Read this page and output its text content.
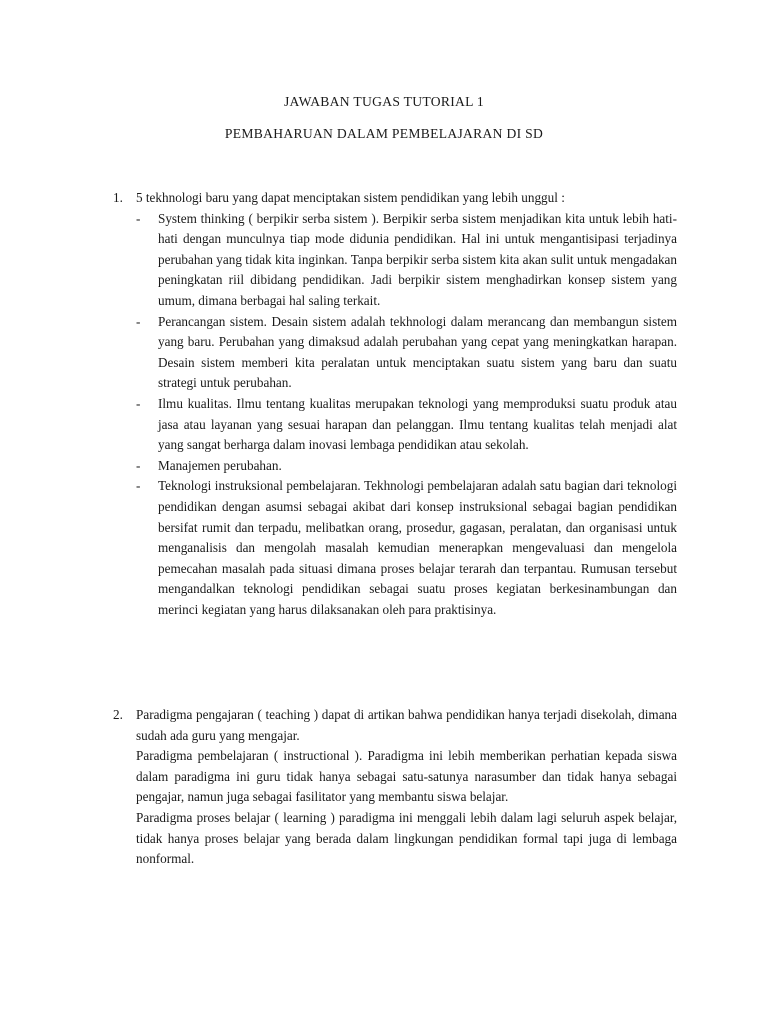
JAWABAN TUGAS TUTORIAL 1
PEMBAHARUAN DALAM PEMBELAJARAN DI SD
1. 5 tekhnologi baru yang dapat menciptakan sistem pendidikan yang lebih unggul :
- System thinking ( berpikir serba sistem ). Berpikir serba sistem menjadikan kita untuk lebih hati-hati dengan munculnya tiap mode didunia pendidikan. Hal ini untuk mengantisipasi terjadinya perubahan yang tidak kita inginkan. Tanpa berpikir serba sistem kita akan sulit untuk mengadakan peningkatan riil dibidang pendidikan. Jadi berpikir sistem menghadirkan konsep sistem yang umum, dimana berbagai hal saling terkait.
- Perancangan sistem. Desain sistem adalah tekhnologi dalam merancang dan membangun sistem yang baru. Perubahan yang dimaksud adalah perubahan yang cepat yang meningkatkan harapan. Desain sistem memberi kita peralatan untuk menciptakan suatu sistem yang baru dan suatu strategi untuk perubahan.
- Ilmu kualitas. Ilmu tentang kualitas merupakan teknologi yang memproduksi suatu produk atau jasa atau layanan yang sesuai harapan dan pelanggan. Ilmu tentang kualitas telah menjadi alat yang sangat berharga dalam inovasi lembaga pendidikan atau sekolah.
- Manajemen perubahan.
- Teknologi instruksional pembelajaran. Tekhnologi pembelajaran adalah satu bagian dari teknologi pendidikan dengan asumsi sebagai akibat dari konsep instruksional sebagai bagian pendidikan bersifat rumit dan terpadu, melibatkan orang, prosedur, gagasan, peralatan, dan organisasi untuk menganalisis dan mengolah masalah kemudian menerapkan mengevaluasi dan mengelola pemecahan masalah pada situasi dimana proses belajar terarah dan terpantau. Rumusan tersebut mengandalkan teknologi pendidikan sebagai suatu proses kegiatan berkesinambungan dan merinci kegiatan yang harus dilaksanakan oleh para praktisinya.
2. Paradigma pengajaran ( teaching ) dapat di artikan bahwa pendidikan hanya terjadi disekolah, dimana sudah ada guru yang mengajar.

Paradigma pembelajaran ( instructional ). Paradigma ini lebih memberikan perhatian kepada siswa dalam paradigma ini guru tidak hanya sebagai satu-satunya narasumber dan tidak hanya sebagai pengajar, namun juga sebagai fasilitator yang membantu siswa belajar.

Paradigma proses belajar ( learning ) paradigma ini menggali lebih dalam lagi seluruh aspek belajar, tidak hanya proses belajar yang berada dalam lingkungan pendidikan formal tapi juga di lembaga nonformal.
